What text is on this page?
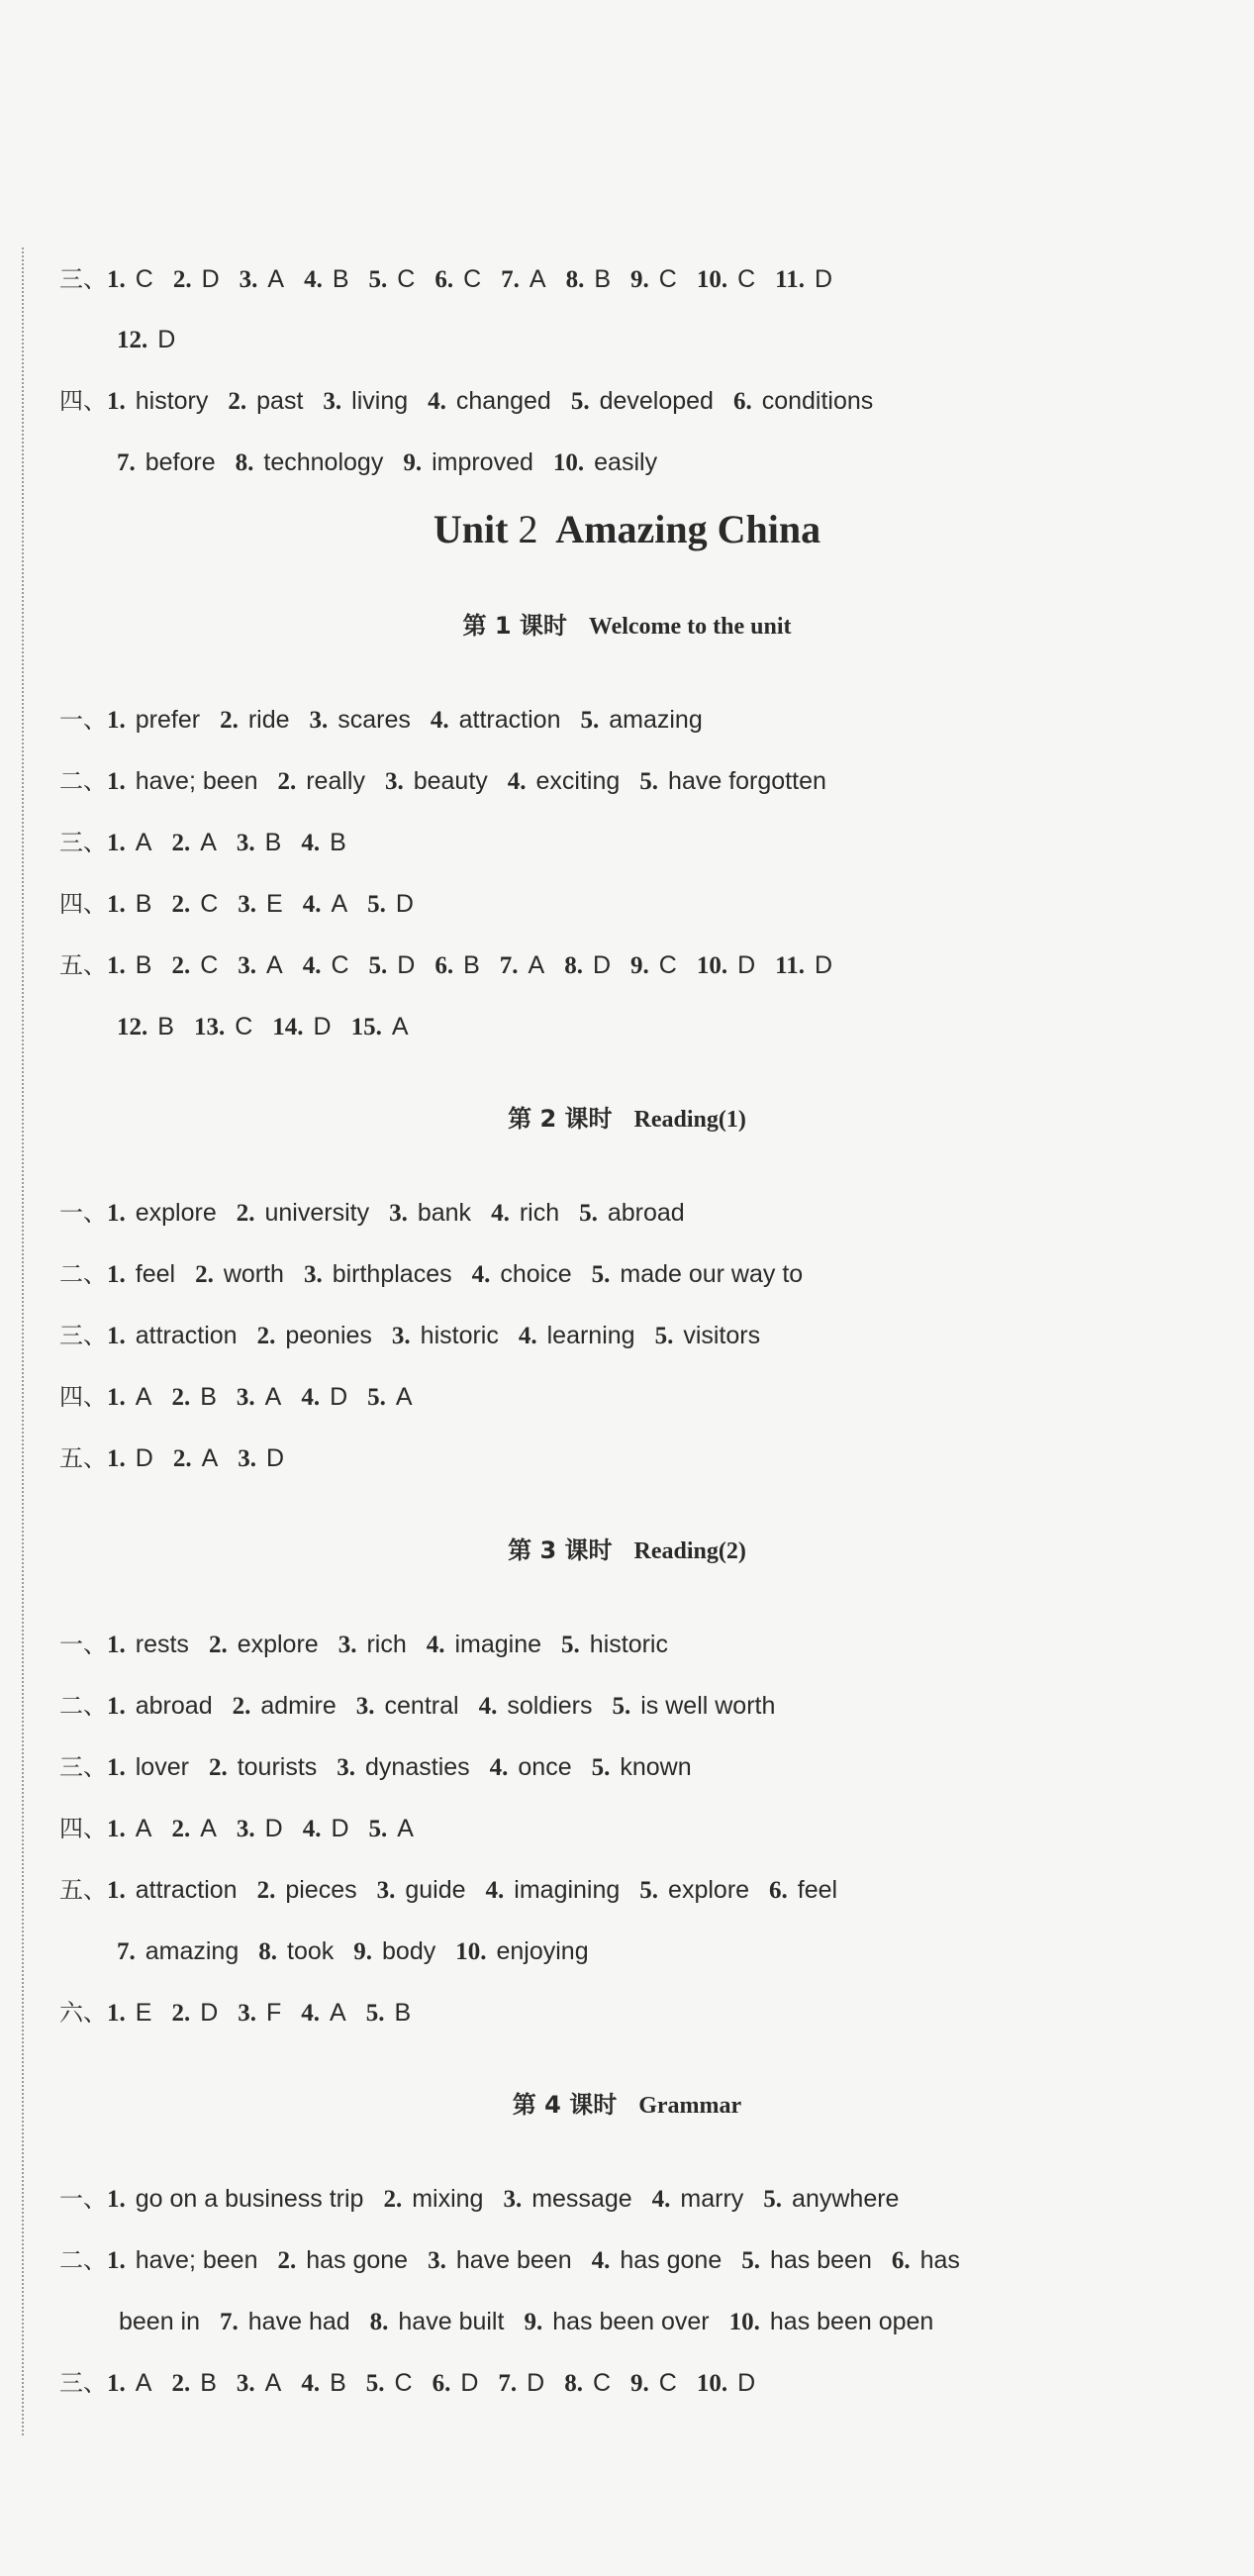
三、1. C 2. D 3. A 4. B 5. C 6. C 7. A 8. B 9. C 10. C 11. D
12. D
四、1. history 2. past 3. living 4. changed 5. developed 6. conditions
7. before 8. technology 9. improved 10. easily
Unit 2  Amazing China
第 1 课时 Welcome to the unit
一、1. prefer 2. ride 3. scares 4. attraction 5. amazing
二、1. have; been 2. really 3. beauty 4. exciting 5. have forgotten
三、1. A 2. A 3. B 4. B
四、1. B 2. C 3. E 4. A 5. D
五、1. B 2. C 3. A 4. C 5. D 6. B 7. A 8. D 9. C 10. D 11. D
12. B 13. C 14. D 15. A
第 2 课时 Reading(1)
一、1. explore 2. university 3. bank 4. rich 5. abroad
二、1. feel 2. worth 3. birthplaces 4. choice 5. made our way to
三、1. attraction 2. peonies 3. historic 4. learning 5. visitors
四、1. A 2. B 3. A 4. D 5. A
五、1. D 2. A 3. D
第 3 课时 Reading(2)
一、1. rests 2. explore 3. rich 4. imagine 5. historic
二、1. abroad 2. admire 3. central 4. soldiers 5. is well worth
三、1. lover 2. tourists 3. dynasties 4. once 5. known
四、1. A 2. A 3. D 4. D 5. A
五、1. attraction 2. pieces 3. guide 4. imagining 5. explore 6. feel
7. amazing 8. took 9. body 10. enjoying
六、1. E 2. D 3. F 4. A 5. B
第 4 课时 Grammar
一、1. go on a business trip 2. mixing 3. message 4. marry 5. anywhere
二、1. have; been 2. has gone 3. have been 4. has gone 5. has been 6. has
been in 7. have had 8. have built 9. has been over 10. has been open
三、1. A 2. B 3. A 4. B 5. C 6. D 7. D 8. C 9. C 10. D
